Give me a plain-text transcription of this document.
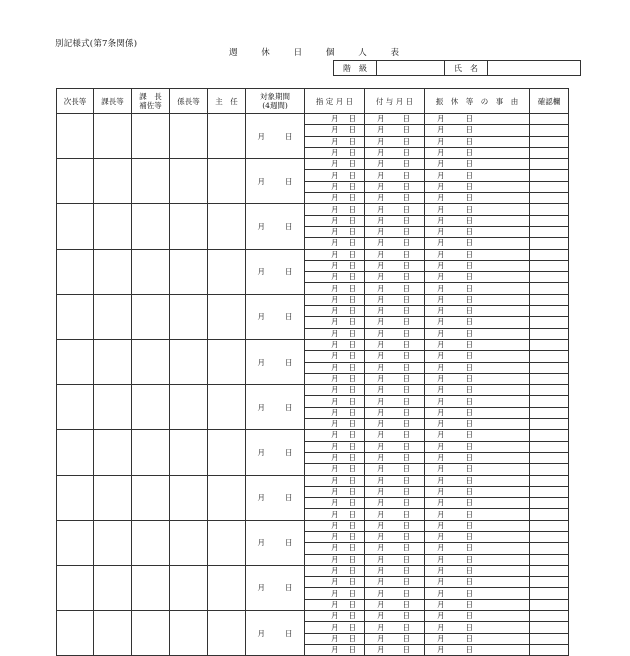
別記様式(第7条関係)
週	休	日	個	人	表
階　級		氏　名	
次長等	課長等	課　長
補佐等	係長等	主　任	対象期間
(4週間)	指 定 月 日	付 与 月 日	振　休　等　の　事　由	確認欄

					月 日	月 日	月 日	月 日	

						月 日	月 日	月 日	

						月 日	月 日	月 日	

						月 日	月 日	月 日	

					月 日	月 日	月 日	月 日	

						月 日	月 日	月 日	

						月 日	月 日	月 日	

						月 日	月 日	月 日	

					月 日	月 日	月 日	月 日	

						月 日	月 日	月 日	

						月 日	月 日	月 日	

						月 日	月 日	月 日	

					月 日	月 日	月 日	月 日	

						月 日	月 日	月 日	

						月 日	月 日	月 日	

						月 日	月 日	月 日	

					月 日	月 日	月 日	月 日	

						月 日	月 日	月 日	

						月 日	月 日	月 日	

						月 日	月 日	月 日	

					月 日	月 日	月 日	月 日	

						月 日	月 日	月 日	

						月 日	月 日	月 日	

						月 日	月 日	月 日	

					月 日	月 日	月 日	月 日	

						月 日	月 日	月 日	

						月 日	月 日	月 日	

						月 日	月 日	月 日	

					月 日	月 日	月 日	月 日	

						月 日	月 日	月 日	

						月 日	月 日	月 日	

						月 日	月 日	月 日	

					月 日	月 日	月 日	月 日	

						月 日	月 日	月 日	

						月 日	月 日	月 日	

						月 日	月 日	月 日	

					月 日	月 日	月 日	月 日	

						月 日	月 日	月 日	

						月 日	月 日	月 日	

						月 日	月 日	月 日	

					月 日	月 日	月 日	月 日	

						月 日	月 日	月 日	

						月 日	月 日	月 日	

						月 日	月 日	月 日	

					月 日	月 日	月 日	月 日	

						月 日	月 日	月 日	

						月 日	月 日	月 日	

						月 日	月 日	月 日	
